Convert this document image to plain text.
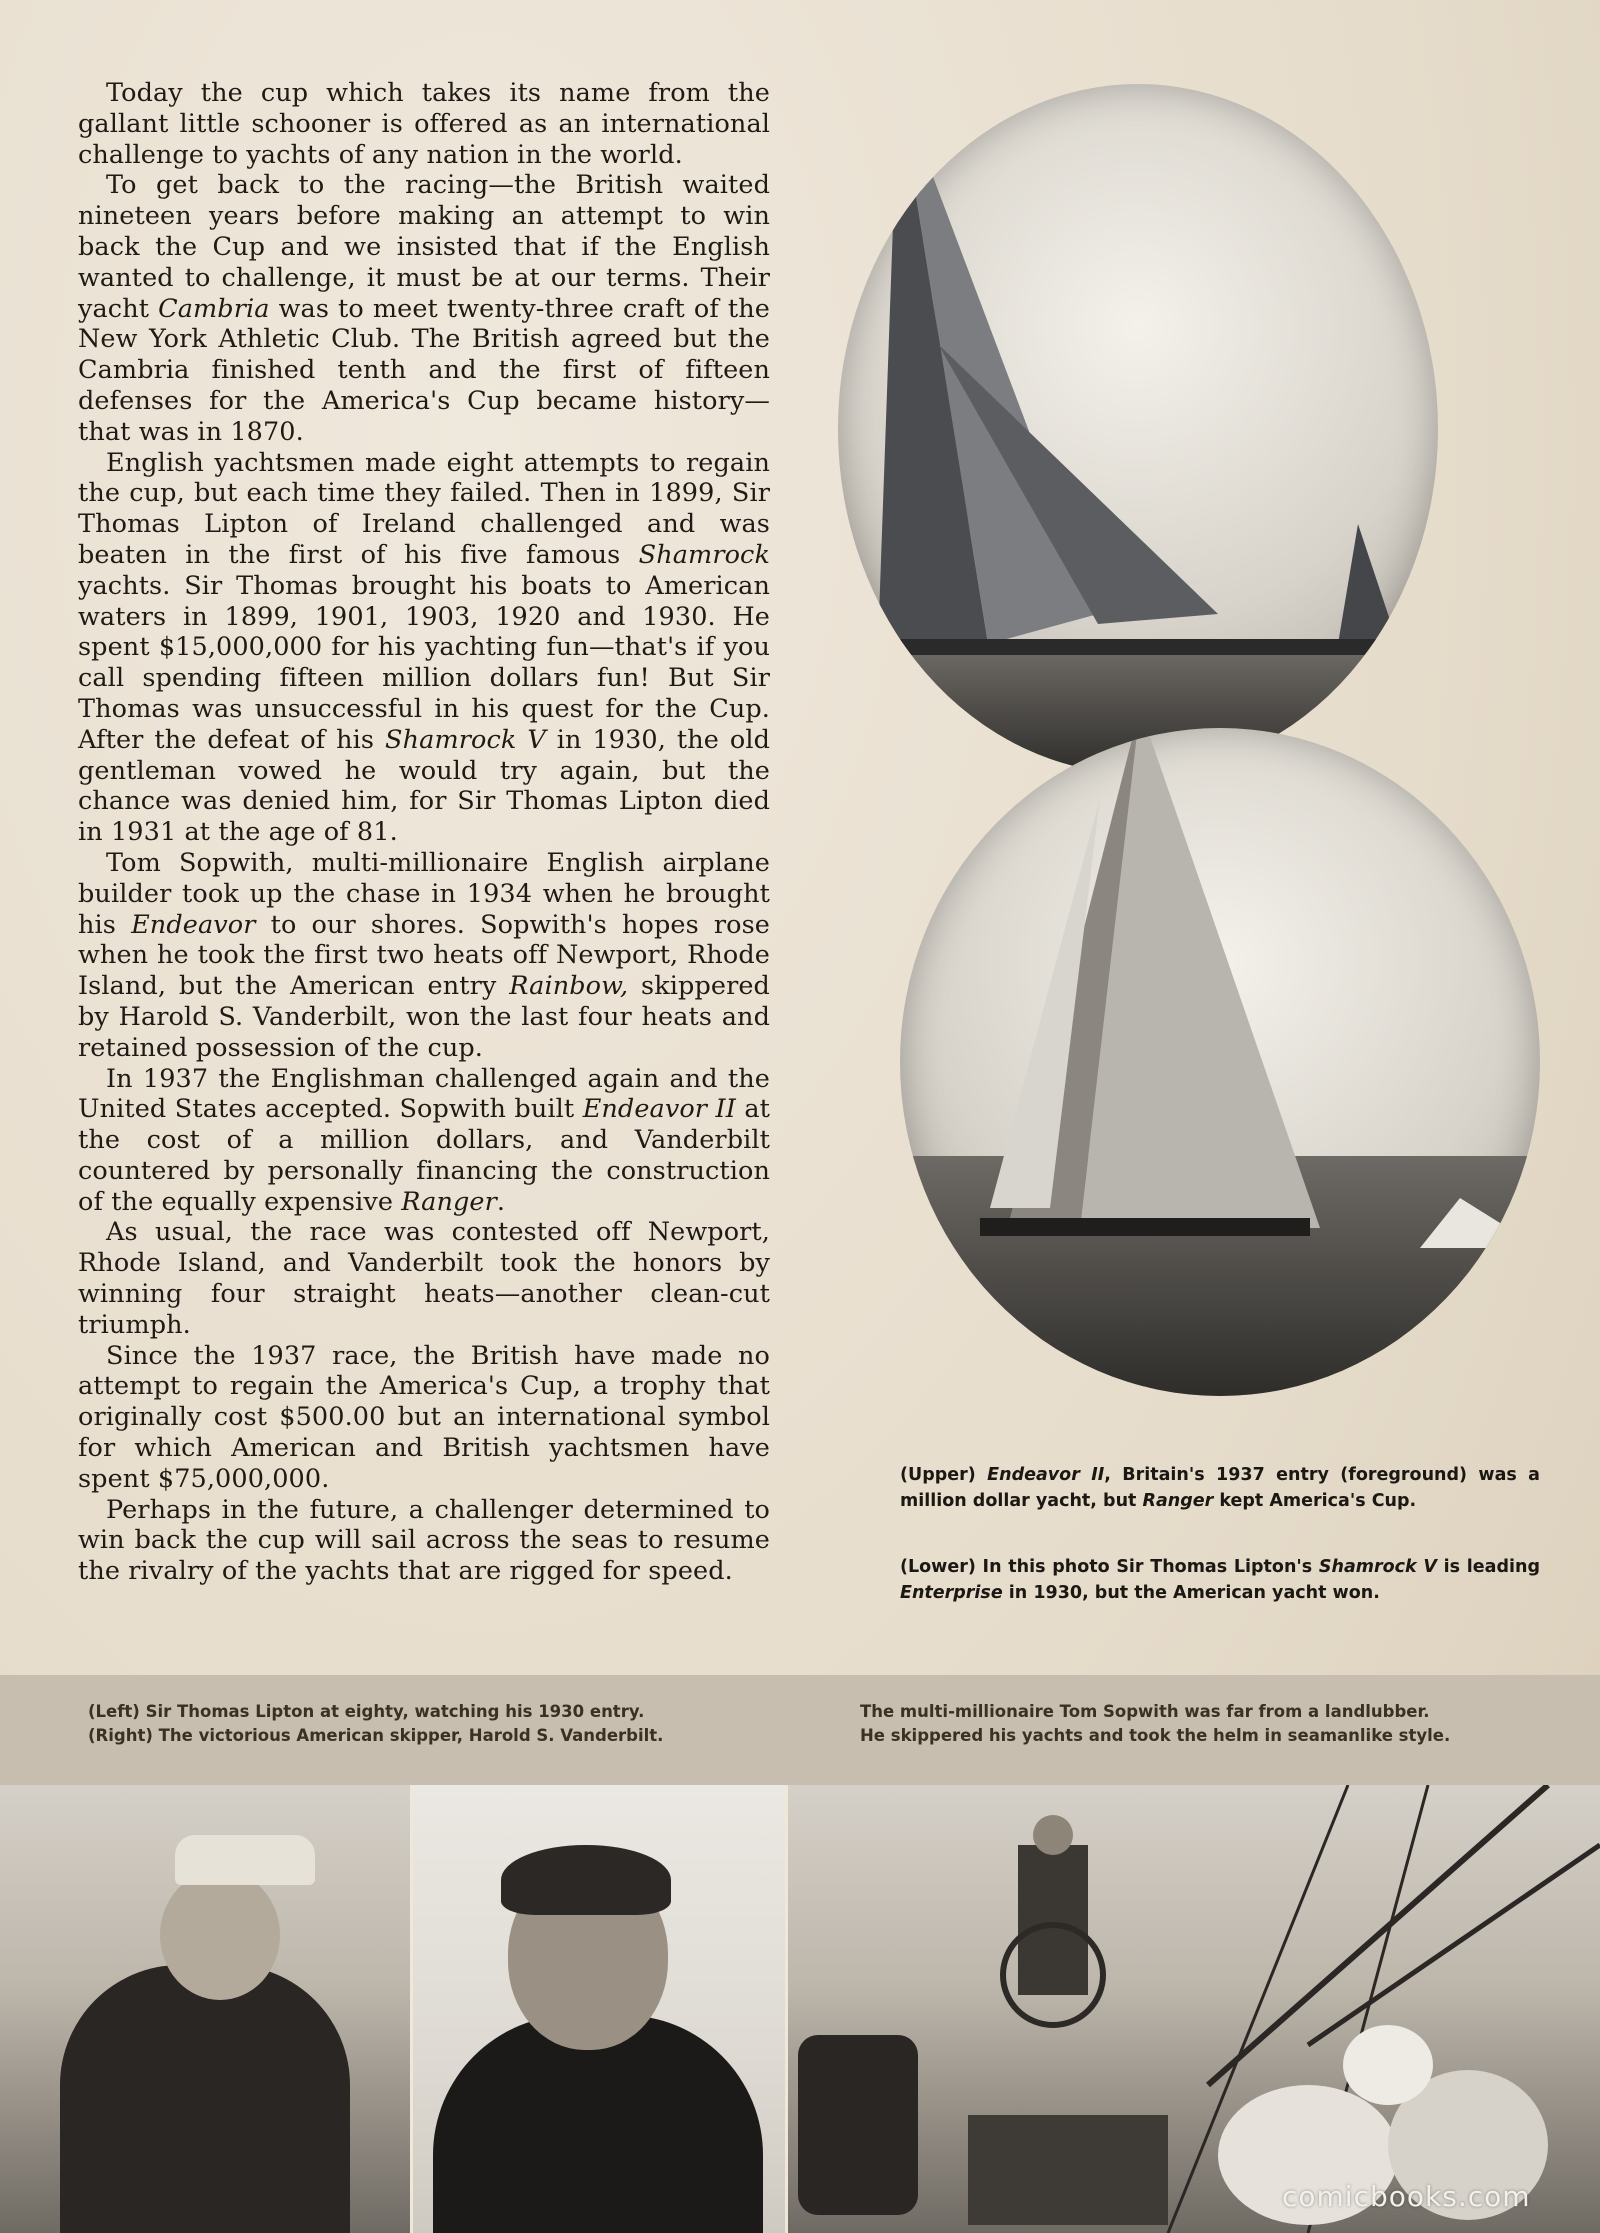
Today the cup which takes its name from the gallant little schooner is offered as an international challenge to yachts of any nation in the world.

To get back to the racing—the British waited nineteen years before making an attempt to win back the Cup and we insisted that if the English wanted to challenge, it must be at our terms. Their yacht Cambria was to meet twenty-three craft of the New York Athletic Club. The British agreed but the Cambria finished tenth and the first of fifteen defenses for the America's Cup became history—that was in 1870.

English yachtsmen made eight attempts to regain the cup, but each time they failed. Then in 1899, Sir Thomas Lipton of Ireland challenged and was beaten in the first of his five famous Shamrock yachts. Sir Thomas brought his boats to American waters in 1899, 1901, 1903, 1920 and 1930. He spent $15,000,000 for his yachting fun—that's if you call spending fifteen million dollars fun! But Sir Thomas was unsuccessful in his quest for the Cup. After the defeat of his Shamrock V in 1930, the old gentleman vowed he would try again, but the chance was denied him, for Sir Thomas Lipton died in 1931 at the age of 81.

Tom Sopwith, multi-millionaire English airplane builder took up the chase in 1934 when he brought his Endeavor to our shores. Sopwith's hopes rose when he took the first two heats off Newport, Rhode Island, but the American entry Rainbow, skippered by Harold S. Vanderbilt, won the last four heats and retained possession of the cup.

In 1937 the Englishman challenged again and the United States accepted. Sopwith built Endeavor II at the cost of a million dollars, and Vanderbilt countered by personally financing the construction of the equally expensive Ranger.

As usual, the race was contested off Newport, Rhode Island, and Vanderbilt took the honors by winning four straight heats—another clean-cut triumph.

Since the 1937 race, the British have made no attempt to regain the America's Cup, a trophy that originally cost $500.00 but an international symbol for which American and British yachtsmen have spent $75,000,000.

Perhaps in the future, a challenger determined to win back the cup will sail across the seas to resume the rivalry of the yachts that are rigged for speed.

(Upper) Endeavor II, Britain's 1937 entry (foreground) was a million dollar yacht, but Ranger kept America's Cup.
(Lower) In this photo Sir Thomas Lipton's Shamrock V is leading Enterprise in 1930, but the American yacht won.
(Left) Sir Thomas Lipton at eighty, watching his 1930 entry.
(Right) The victorious American skipper, Harold S. Vanderbilt.
The multi-millionaire Tom Sopwith was far from a landlubber.
He skippered his yachts and took the helm in seamanlike style.
comicbooks.com
